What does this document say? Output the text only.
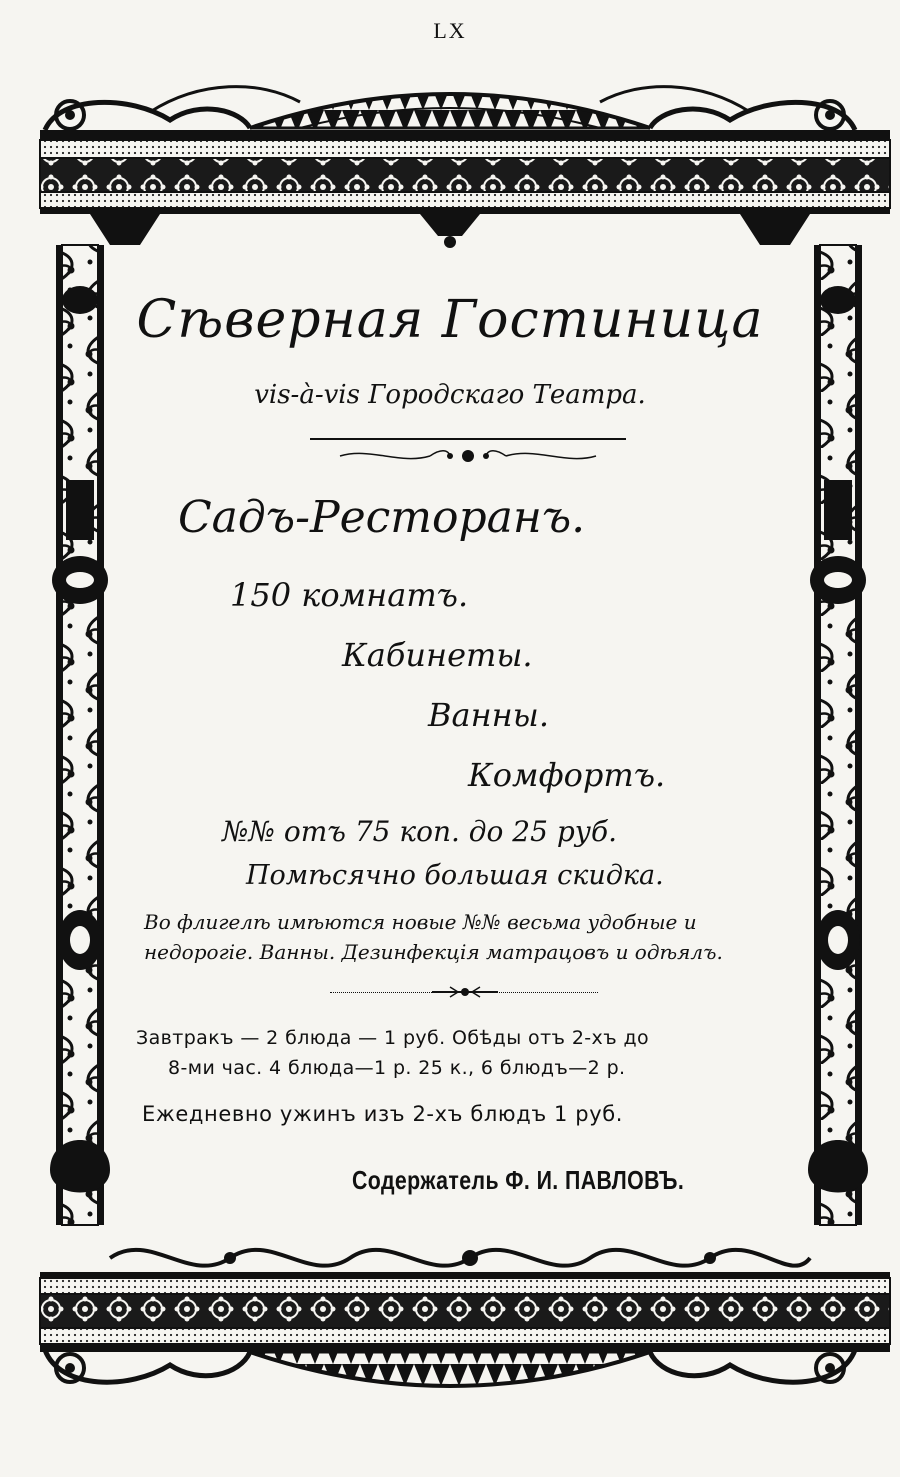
LX
Сѣверная Гостиница
vis-à-vis Городскаго Театра.
Садъ-Ресторанъ.
150 комнатъ.
Кабинеты.
Ванны.
Комфортъ.
№№ отъ 75 коп. до 25 руб.
Помѣсячно большая скидка.
Во флигелѣ имѣются новые №№ весьма удобные и
недорогiе. Ванны. Дезинфекцiя матрацовъ и одѣялъ.
Завтракъ — 2 блюда — 1 руб. Обѣды отъ 2-хъ до
8-ми час. 4 блюда—1 р. 25 к., 6 блюдъ—2 р.
Ежедневно ужинъ изъ 2-хъ блюдъ 1 руб.
Содержатель Ф. И. ПАВЛОВЪ.
